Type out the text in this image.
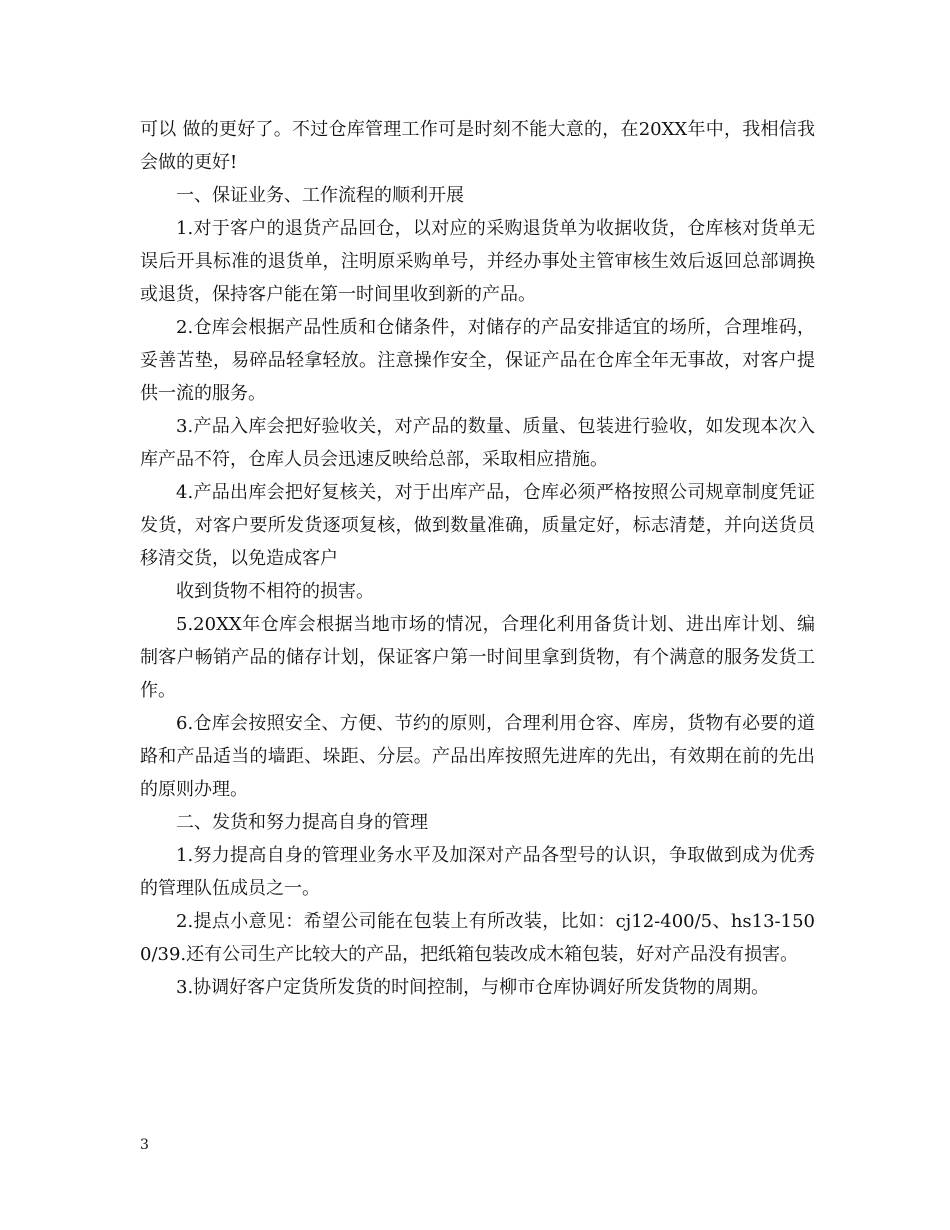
可以 做的更好了。不过仓库管理工作可是时刻不能大意的，在20XX年中，我相信我会做的更好!

一、保证业务、工作流程的顺利开展

1.对于客户的退货产品回仓，以对应的采购退货单为收据收货，仓库核对货单无误后开具标准的退货单，注明原采购单号，并经办事处主管审核生效后返回总部调换或退货，保持客户能在第一时间里收到新的产品。

2.仓库会根据产品性质和仓储条件，对储存的产品安排适宜的场所，合理堆码，妥善苫垫，易碎品轻拿轻放。注意操作安全，保证产品在仓库全年无事故，对客户提供一流的服务。

3.产品入库会把好验收关，对产品的数量、质量、包装进行验收，如发现本次入库产品不符，仓库人员会迅速反映给总部，采取相应措施。

4.产品出库会把好复核关，对于出库产品，仓库必须严格按照公司规章制度凭证发货，对客户要所发货逐项复核，做到数量准确，质量定好，标志清楚，并向送货员移清交货，以免造成客户

收到货物不相符的损害。

5.20XX年仓库会根据当地市场的情况，合理化利用备货计划、进出库计划、编制客户畅销产品的储存计划，保证客户第一时间里拿到货物，有个满意的服务发货工作。

6.仓库会按照安全、方便、节约的原则，合理利用仓容、库房，货物有必要的道路和产品适当的墙距、垛距、分层。产品出库按照先进库的先出，有效期在前的先出的原则办理。

二、发货和努力提高自身的管理

1.努力提高自身的管理业务水平及加深对产品各型号的认识，争取做到成为优秀的管理队伍成员之一。

2.提点小意见：希望公司能在包装上有所改装，比如：cj12-400/5、hs13-1500/39.还有公司生产比较大的产品，把纸箱包装改成木箱包装，好对产品没有损害。

3.协调好客户定货所发货的时间控制，与柳市仓库协调好所发货物的周期。

3
